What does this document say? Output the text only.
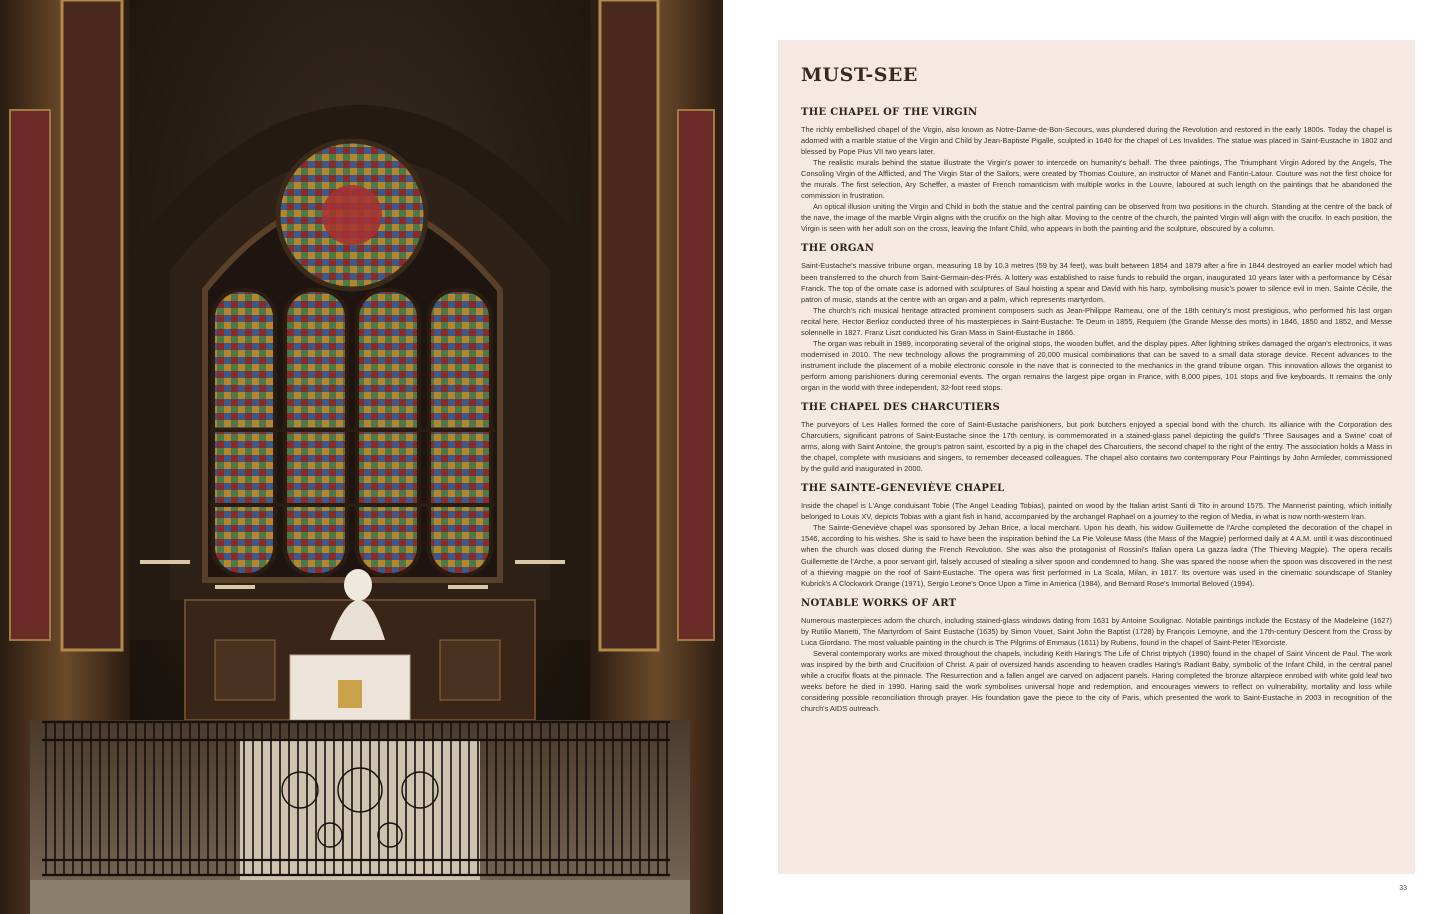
MUST-SEE
THE CHAPEL OF THE VIRGIN

The richly embellished chapel of the Virgin, also known as Notre-Dame-de-Bon-Secours, was plundered during the Revolution and restored in the early 1800s. Today the chapel is adorned with a marble statue of the Virgin and Child by Jean-Baptiste Pigalle, sculpted in 1640 for the chapel of Les Invalides. The statue was placed in Saint-Eustache in 1802 and blessed by Pope Pius VII two years later.

The realistic murals behind the statue illustrate the Virgin's power to intercede on humanity's behalf. The three paintings, The Triumphant Virgin Adored by the Angels, The Consoling Virgin of the Afflicted, and The Virgin Star of the Sailors, were created by Thomas Couture, an instructor of Manet and Fantin-Latour. Couture was not the first choice for the murals. The first selection, Ary Scheffer, a master of French romanticism with multiple works in the Louvre, laboured at such length on the paintings that he abandoned the commission in frustration.

An optical illusion uniting the Virgin and Child in both the statue and the central painting can be observed from two positions in the church. Standing at the centre of the back of the nave, the image of the marble Virgin aligns with the crucifix on the high altar. Moving to the centre of the church, the painted Virgin will align with the crucifix. In each position, the Virgin is seen with her adult son on the cross, leaving the Infant Child, who appears in both the painting and the sculpture, obscured by a column.

THE ORGAN

Saint-Eustache's massive tribune organ, measuring 18 by 10.3 metres (59 by 34 feet), was built between 1854 and 1879 after a fire in 1844 destroyed an earlier model which had been transferred to the church from Saint-Germain-des-Prés. A lottery was established to raise funds to rebuild the organ, inaugurated 10 years later with a performance by César Franck. The top of the ornate case is adorned with sculptures of Saul hoisting a spear and David with his harp, symbolising music's power to silence evil in men. Sainte Cécile, the patron of music, stands at the centre with an organ and a palm, which represents martyrdom.

The church's rich musical heritage attracted prominent composers such as Jean-Philippe Rameau, one of the 18th century's most prestigious, who performed his last organ recital here. Hector Berlioz conducted three of his masterpieces in Saint-Eustache: Te Deum in 1855, Requiem (the Grande Messe des morts) in 1846, 1850 and 1852, and Messe solennelle in 1827. Franz Liszt conducted his Gran Mass in Saint-Eustache in 1866.

The organ was rebuilt in 1989, incorporating several of the original stops, the wooden buffet, and the display pipes. After lightning strikes damaged the organ's electronics, it was modernised in 2010. The new technology allows the programming of 20,000 musical combinations that can be saved to a small data storage device. Recent advances to the instrument include the placement of a mobile electronic console in the nave that is connected to the mechanics in the grand tribune organ. This innovation allows the organist to perform among parishioners during ceremonial events. The organ remains the largest pipe organ in France, with 8,000 pipes, 101 stops and five keyboards. It remains the only organ in the world with three independent, 32-foot reed stops.

THE CHAPEL DES CHARCUTIERS

The purveyors of Les Halles formed the core of Saint-Eustache parishioners, but pork butchers enjoyed a special bond with the church. Its alliance with the Corporation des Charcutiers, significant patrons of Saint-Eustache since the 17th century, is commemorated in a stained-glass panel depicting the guild's 'Three Sausages and a Swine' coat of arms, along with Saint Antoine, the group's patron saint, escorted by a pig in the chapel des Charcutiers, the second chapel to the right of the entry. The association holds a Mass in the chapel, complete with musicians and singers, to remember deceased colleagues. The chapel also contains two contemporary Pour Paintings by John Armleder, commissioned by the guild and inaugurated in 2000.

THE SAINTE-GENEVIÈVE CHAPEL

Inside the chapel is L'Ange conduisant Tobie (The Angel Leading Tobias), painted on wood by the Italian artist Santi di Tito in around 1575. The Mannerist painting, which initially belonged to Louis XV, depicts Tobias with a giant fish in hand, accompanied by the archangel Raphael on a journey to the region of Media, in what is now north-western Iran.

The Sainte-Geneviève chapel was sponsored by Jehan Brice, a local merchant. Upon his death, his widow Guillemette de l'Arche completed the decoration of the chapel in 1546, according to his wishes. She is said to have been the inspiration behind the La Pie Voleuse Mass (the Mass of the Magpie) performed daily at 4 A.M. until it was discontinued when the church was closed during the French Revolution. She was also the protagonist of Rossini's Italian opera La gazza ladra (The Thieving Magpie). The opera recalls Guillemette de l'Arche, a poor servant girl, falsely accused of stealing a silver spoon and condemned to hang. She was spared the noose when the spoon was discovered in the nest of a thieving magpie on the roof of Saint-Eustache. The opera was first performed in La Scala, Milan, in 1817. Its overture was used in the cinematic soundscape of Stanley Kubrick's A Clockwork Orange (1971), Sergio Leone's Once Upon a Time in America (1984), and Bernard Rose's Immortal Beloved (1994).

NOTABLE WORKS OF ART

Numerous masterpieces adorn the church, including stained-glass windows dating from 1631 by Antoine Soulignac. Notable paintings include the Ecstasy of the Madeleine (1627) by Rutilio Manetti, The Martyrdom of Saint Eustache (1635) by Simon Vouet, Saint John the Baptist (1728) by François Lemoyne, and the 17th-century Descent from the Cross by Luca Giordano. The most valuable painting in the church is The Pilgrims of Emmaus (1611) by Rubens, found in the chapel of Saint-Peter l'Exorciste.

Several contemporary works are mixed throughout the chapels, including Keith Haring's The Life of Christ triptych (1990) found in the chapel of Saint Vincent de Paul. The work was inspired by the birth and Crucifixion of Christ. A pair of oversized hands ascending to heaven cradles Haring's Radiant Baby, symbolic of the Infant Child, in the central panel while a crucifix floats at the pinnacle. The Resurrection and a fallen angel are carved on adjacent panels. Haring completed the bronze altarpiece enrobed with white gold leaf two weeks before he died in 1990. Haring said the work symbolises universal hope and redemption, and encourages viewers to reflect on vulnerability, mortality and loss while considering possible reconciliation through prayer. His foundation gave the piece to the city of Paris, which presented the work to Saint-Eustache in 2003 in recognition of the church's AIDS outreach.

33
